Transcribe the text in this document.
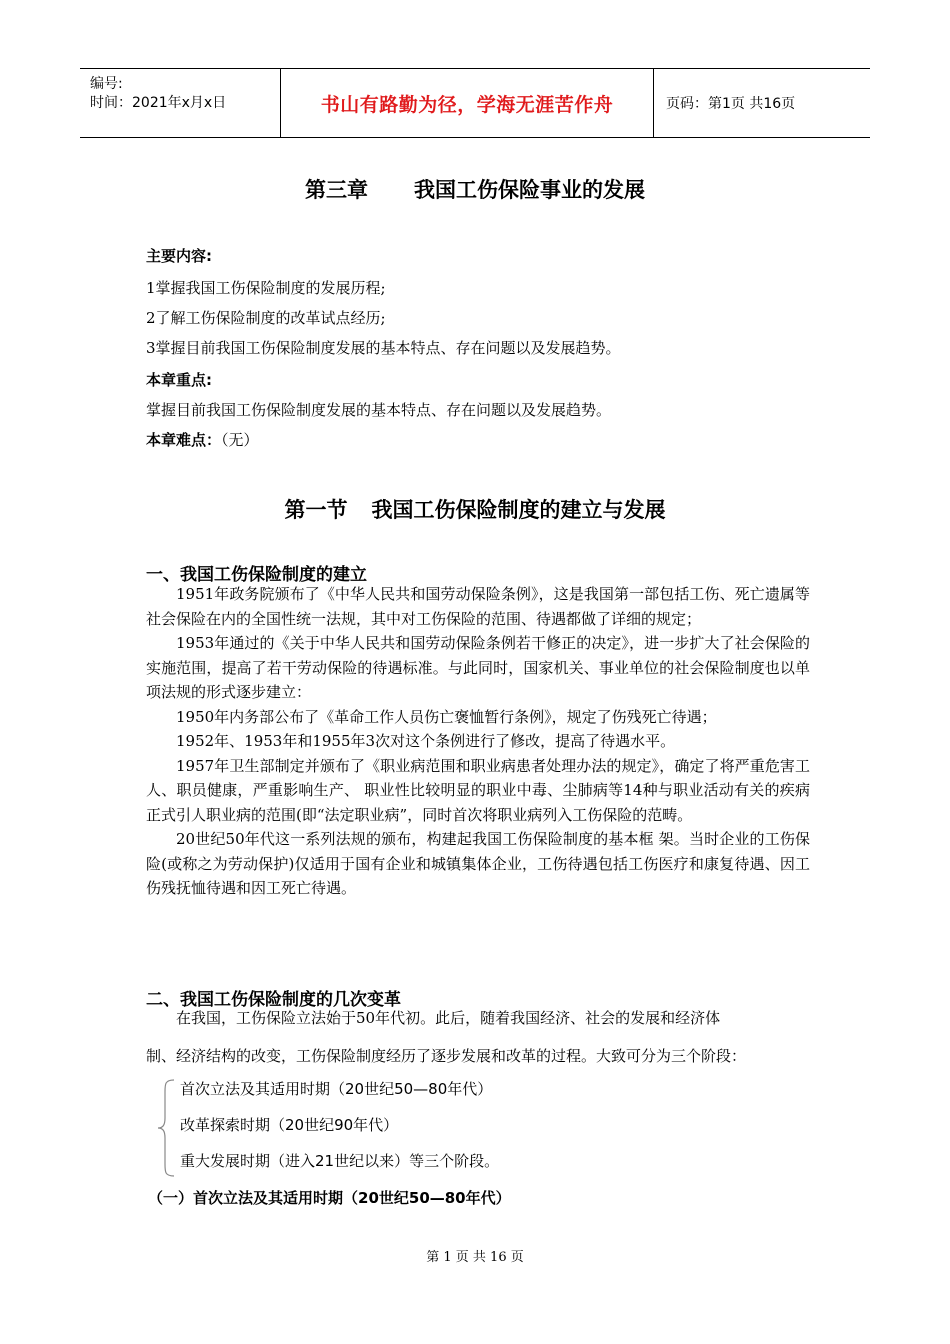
编号:
时间：2021年x月x日	书山有路勤为径，学海无涯苦作舟	页码：第1页 共16页
第三章 我国工伤保险事业的发展
主要内容:
1掌握我国工伤保险制度的发展历程;
2了解工伤保险制度的改革试点经历;
3掌握目前我国工伤保险制度发展的基本特点、存在问题以及发展趋势。
本章重点:
掌握目前我国工伤保险制度发展的基本特点、存在问题以及发展趋势。
本章难点：（无）
第一节 我国工伤保险制度的建立与发展
一、我国工伤保险制度的建立

1951年政务院颁布了《中华人民共和国劳动保险条例》，这是我国第一部包括工伤、死亡遗属等社会保险在内的全国性统一法规，其中对工伤保险的范围、待遇都做了详细的规定；

1953年通过的《关于中华人民共和国劳动保险条例若干修正的决定》，进一步扩大了社会保险的实施范围，提高了若干劳动保险的待遇标准。与此同时，国家机关、事业单位的社会保险制度也以单项法规的形式逐步建立：

1950年内务部公布了《革命工作人员伤亡褒恤暂行条例》，规定了伤残死亡待遇；

1952年、1953年和1955年3次对这个条例进行了修改，提高了待遇水平。

1957年卫生部制定并颁布了《职业病范围和职业病患者处理办法的规定》，确定了将严重危害工人、职员健康，严重影响生产、 职业性比较明显的职业中毒、尘肺病等14种与职业活动有关的疾病正式引人职业病的范围(即“法定职业病”，同时首次将职业病列入工伤保险的范畴。

20世纪50年代这一系列法规的颁布，构建起我国工伤保险制度的基本框 架。当时企业的工伤保险(或称之为劳动保护)仅适用于国有企业和城镇集体企业，工伤待遇包括工伤医疗和康复待遇、因工伤残抚恤待遇和因工死亡待遇。

二、我国工伤保险制度的几次变革
在我国，工伤保险立法始于50年代初。此后，随着我国经济、社会的发展和经济体
制、经济结构的改变，工伤保险制度经历了逐步发展和改革的过程。大致可分为三个阶段：
首次立法及其适用时期（20世纪50—80年代）
改革探索时期（20世纪90年代）
重大发展时期（进入21世纪以来）等三个阶段。
（一）首次立法及其适用时期（20世纪50—80年代）
第 1 页 共 16 页
